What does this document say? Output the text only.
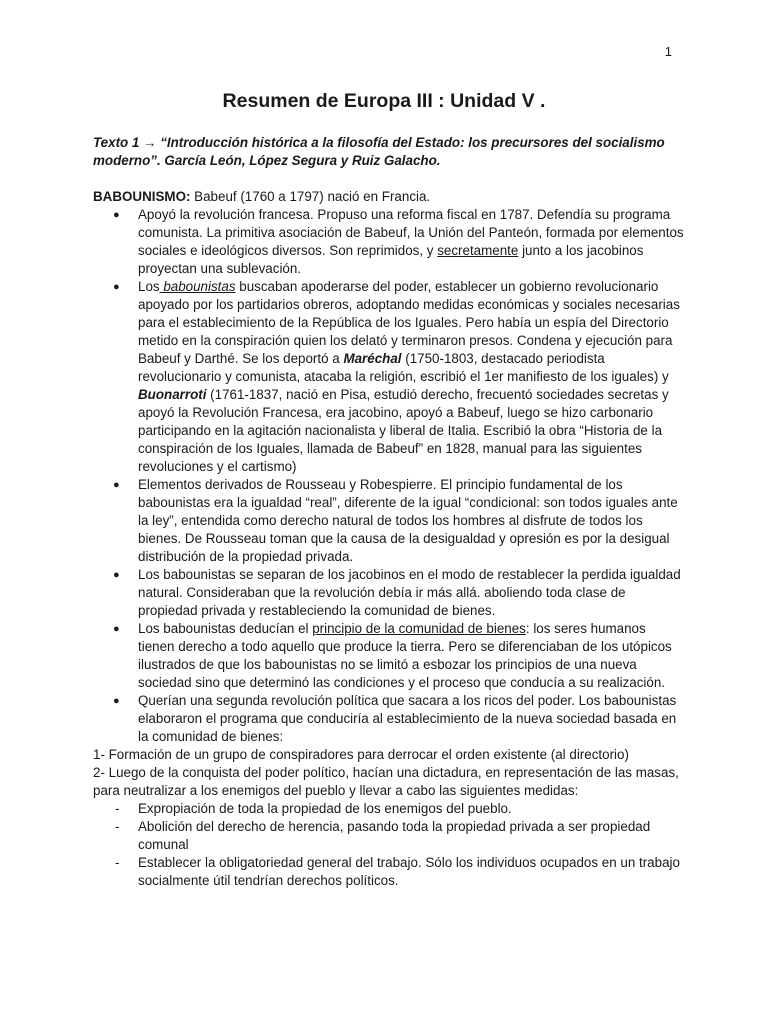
1
Resumen de Europa III : Unidad V .

Texto 1 → “Introducción histórica a la filosofía del Estado: los precursores del socialismo moderno”. García León, López Segura y Ruiz Galacho.

BABOUNISMO: Babeuf (1760 a 1797) nació en Francia.

● Apoyó la revolución francesa. Propuso una reforma fiscal en 1787. Defendía su programa comunista. La primitiva asociación de Babeuf, la Unión del Panteón, formada por elementos sociales e ideológicos diversos. Son reprimidos, y secretamente junto a los jacobinos proyectan una sublevación.
● Los babounistas buscaban apoderarse del poder, establecer un gobierno revolucionario apoyado por los partidarios obreros, adoptando medidas económicas y sociales necesarias para el establecimiento de la República de los Iguales. Pero había un espía del Directorio metido en la conspiración quien los delató y terminaron presos. Condena y ejecución para Babeuf y Darthé. Se los deportó a Maréchal (1750-1803, destacado periodista revolucionario y comunista, atacaba la religión, escribió el 1er manifiesto de los iguales) y Buonarroti (1761-1837, nació en Pisa, estudió derecho, frecuentó sociedades secretas y apoyó la Revolución Francesa, era jacobino, apoyó a Babeuf, luego se hizo carbonario participando en la agitación nacionalista y liberal de Italia. Escribió la obra “Historia de la conspiración de los Iguales, llamada de Babeuf” en 1828, manual para las siguientes revoluciones y el cartismo)
● Elementos derivados de Rousseau y Robespierre. El principio fundamental de los babounistas era la igualdad “real”, diferente de la igual “condicional: son todos iguales ante la ley”, entendida como derecho natural de todos los hombres al disfrute de todos los bienes. De Rousseau toman que la causa de la desigualdad y opresión es por la desigual distribución de la propiedad privada.
● Los babounistas se separan de los jacobinos en el modo de restablecer la perdida igualdad natural. Consideraban que la revolución debía ir más allá. aboliendo toda clase de propiedad privada y restableciendo la comunidad de bienes.
● Los babounistas deducían el principio de la comunidad de bienes: los seres humanos tienen derecho a todo aquello que produce la tierra. Pero se diferenciaban de los utópicos ilustrados de que los babounistas no se limitó a esbozar los principios de una nueva sociedad sino que determinó las condiciones y el proceso que conducía a su realización.
● Querían una segunda revolución política que sacara a los ricos del poder. Los babounistas elaboraron el programa que conduciría al establecimiento de la nueva sociedad basada en la comunidad de bienes:

1- Formación de un grupo de conspiradores para derrocar el orden existente (al directorio)

2- Luego de la conquista del poder político, hacían una dictadura, en representación de las masas, para neutralizar a los enemigos del pueblo y llevar a cabo las siguientes medidas:

- Expropiación de toda la propiedad de los enemigos del pueblo.
- Abolición del derecho de herencia, pasando toda la propiedad privada a ser propiedad comunal
- Establecer la obligatoriedad general del trabajo. Sólo los individuos ocupados en un trabajo socialmente útil tendrían derechos políticos.
